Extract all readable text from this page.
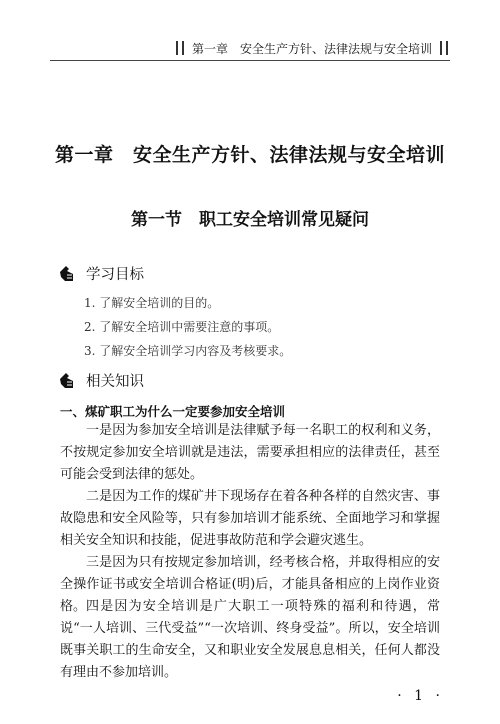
第一章　安全生产方针、法律法规与安全培训
第一章　安全生产方针、法律法规与安全培训
第一节　职工安全培训常见疑问
学习目标
1. 了解安全培训的目的。
2. 了解安全培训中需要注意的事项。
3. 了解安全培训学习内容及考核要求。
相关知识
一、煤矿职工为什么一定要参加安全培训

一是因为参加安全培训是法律赋予每一名职工的权利和义务，不按规定参加安全培训就是违法，需要承担相应的法律责任，甚至可能会受到法律的惩处。

二是因为工作的煤矿井下现场存在着各种各样的自然灾害、事故隐患和安全风险等，只有参加培训才能系统、全面地学习和掌握相关安全知识和技能，促进事故防范和学会避灾逃生。

三是因为只有按规定参加培训，经考核合格，并取得相应的安全操作证书或安全培训合格证(明)后，才能具备相应的上岗作业资格。 四是因为安全培训是广大职工一项特殊的福利和待遇，常说“一人培训、三代受益”“一次培训、终身受益”。所以，安全培训既事关职工的生命安全，又和职业安全发展息息相关，任何人都没有理由不参加培训。

· 1 ·
